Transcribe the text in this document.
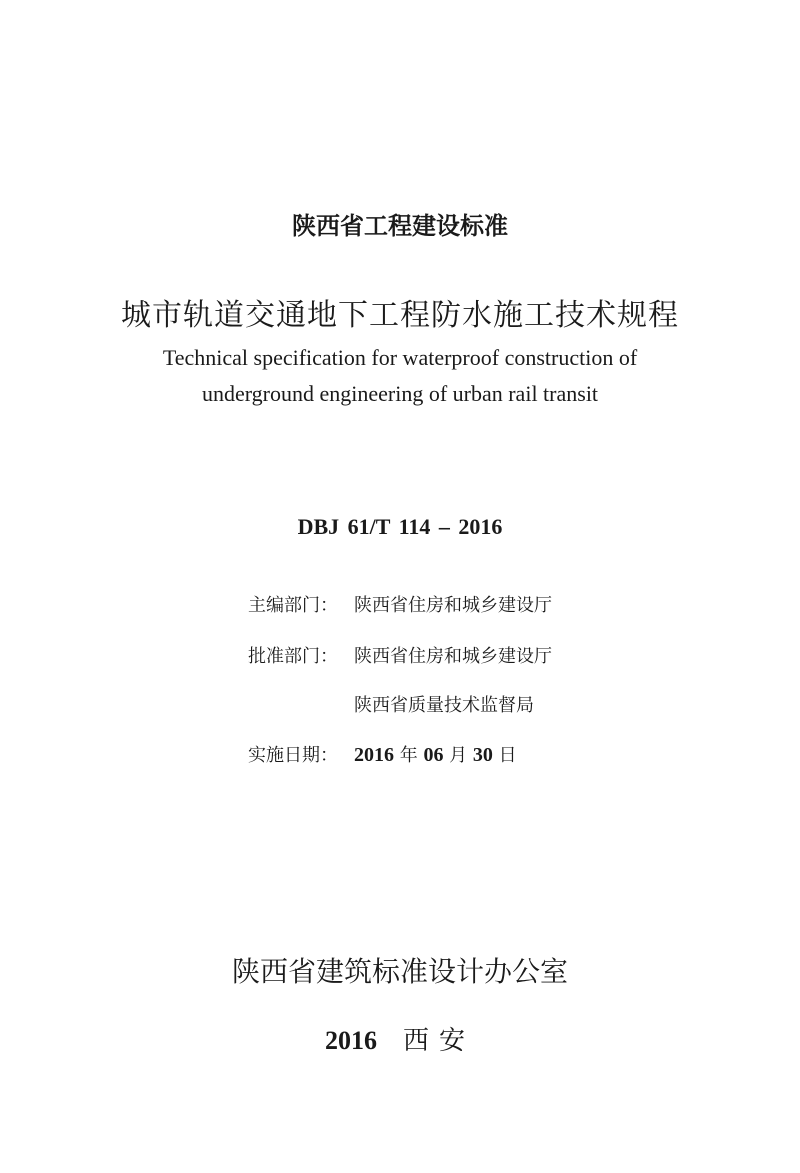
陕西省工程建设标准
城市轨道交通地下工程防水施工技术规程
Technical specification for waterproof construction of
underground engineering of urban rail transit
DBJ 61/T 114 – 2016
主编部门： 陕西省住房和城乡建设厅
批准部门： 陕西省住房和城乡建设厅
陕西省质量技术监督局
实施日期： 2016 年 06 月 30 日
陕西省建筑标准设计办公室
2016 西安
